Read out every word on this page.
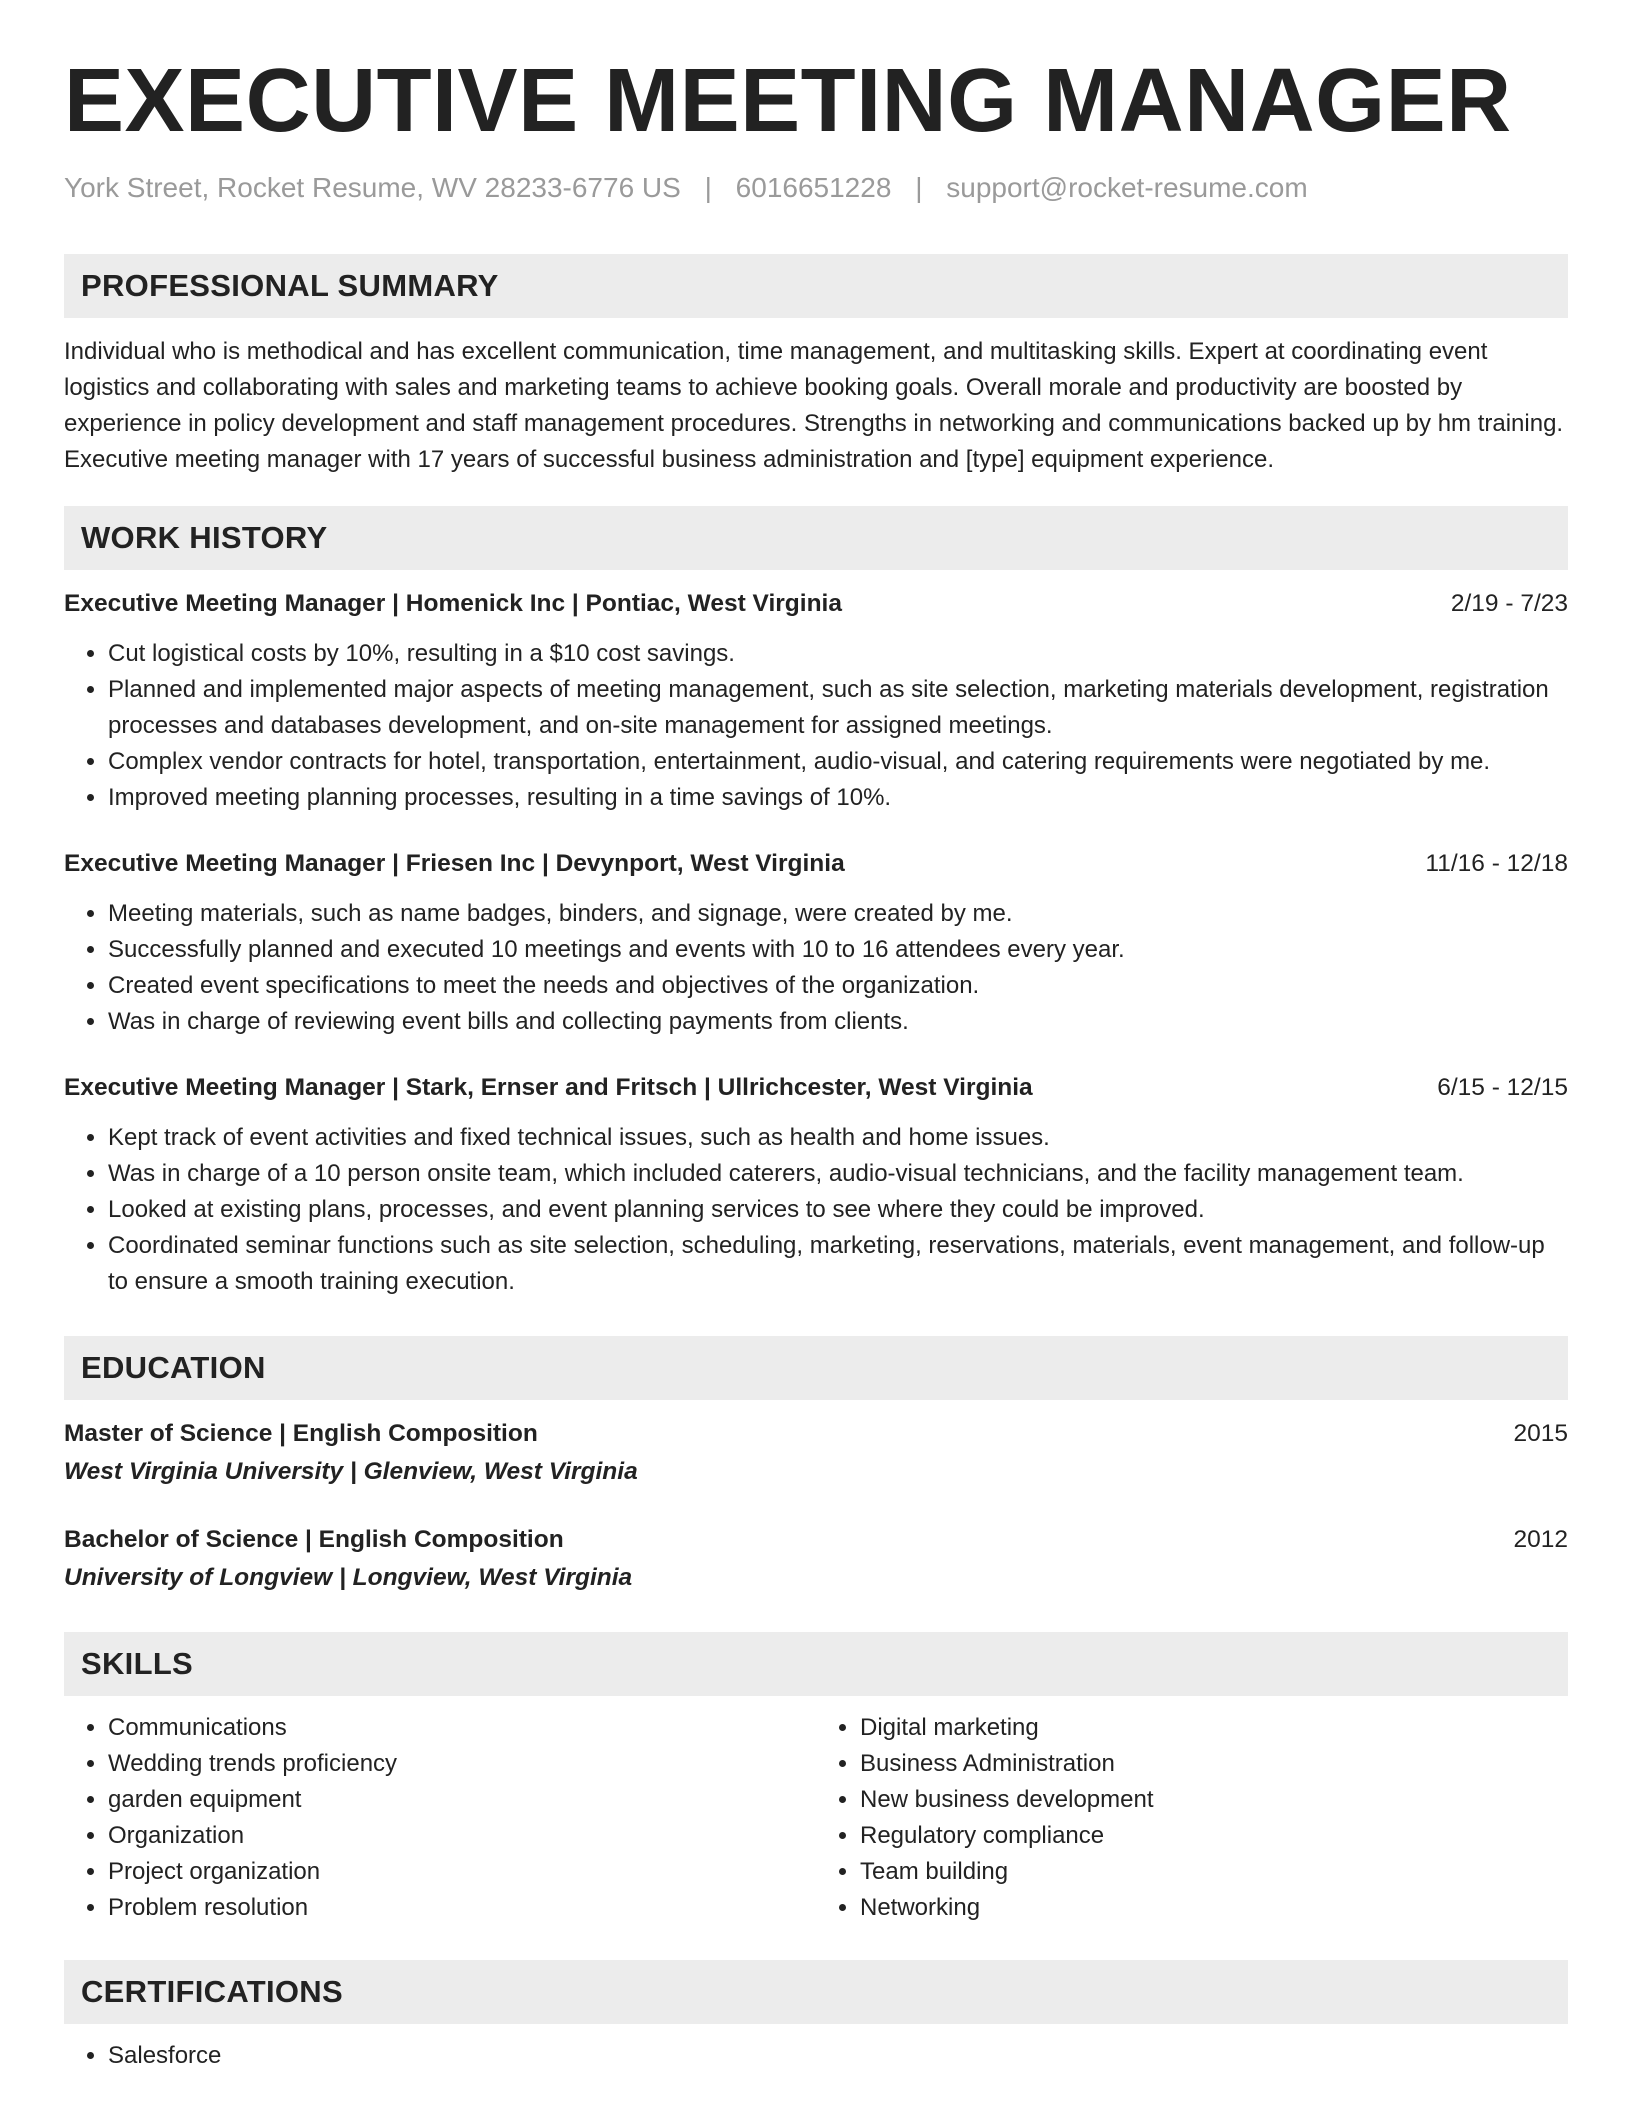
EXECUTIVE MEETING MANAGER
York Street, Rocket Resume, WV 28233-6776 US | 6016651228 | support@rocket-resume.com
PROFESSIONAL SUMMARY

Individual who is methodical and has excellent communication, time management, and multitasking skills. Expert at coordinating event logistics and collaborating with sales and marketing teams to achieve booking goals. Overall morale and productivity are boosted by experience in policy development and staff management procedures. Strengths in networking and communications backed up by hm training. Executive meeting manager with 17 years of successful business administration and [type] equipment experience.

WORK HISTORY
Executive Meeting Manager | Homenick Inc | Pontiac, West Virginia	2/19 - 7/23
• Cut logistical costs by 10%, resulting in a $10 cost savings.
• Planned and implemented major aspects of meeting management, such as site selection, marketing materials development, registration processes and databases development, and on-site management for assigned meetings.
• Complex vendor contracts for hotel, transportation, entertainment, audio-visual, and catering requirements were negotiated by me.
• Improved meeting planning processes, resulting in a time savings of 10%.
Executive Meeting Manager | Friesen Inc | Devynport, West Virginia	11/16 - 12/18
• Meeting materials, such as name badges, binders, and signage, were created by me.
• Successfully planned and executed 10 meetings and events with 10 to 16 attendees every year.
• Created event specifications to meet the needs and objectives of the organization.
• Was in charge of reviewing event bills and collecting payments from clients.
Executive Meeting Manager | Stark, Ernser and Fritsch | Ullrichcester, West Virginia	6/15 - 12/15
• Kept track of event activities and fixed technical issues, such as health and home issues.
• Was in charge of a 10 person onsite team, which included caterers, audio-visual technicians, and the facility management team.
• Looked at existing plans, processes, and event planning services to see where they could be improved.
• Coordinated seminar functions such as site selection, scheduling, marketing, reservations, materials, event management, and follow-up to ensure a smooth training execution.
EDUCATION
Master of Science | English Composition	2015
West Virginia University | Glenview, West Virginia
Bachelor of Science | English Composition	2012
University of Longview | Longview, West Virginia
SKILLS
• Communications
• Wedding trends proficiency
• garden equipment
• Organization
• Project organization
• Problem resolution
• Digital marketing
• Business Administration
• New business development
• Regulatory compliance
• Team building
• Networking
CERTIFICATIONS
• Salesforce
